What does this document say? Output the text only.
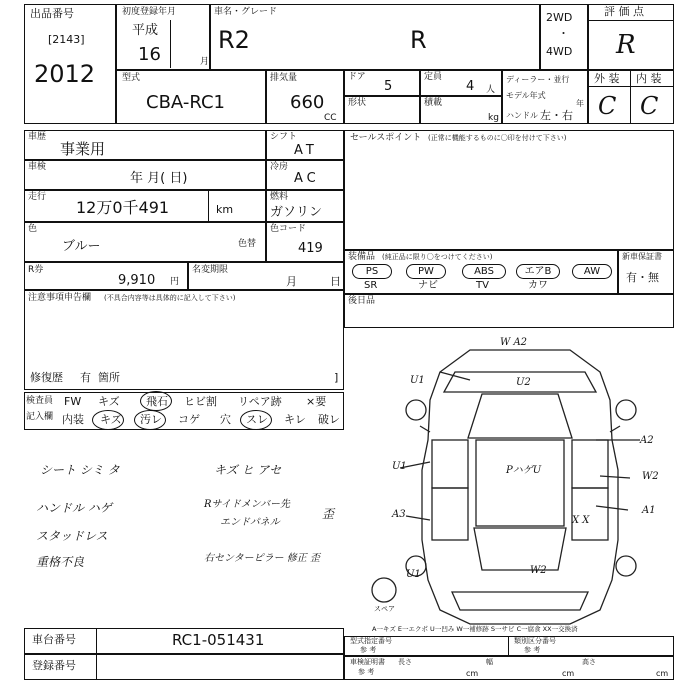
出品番号
[2143]
2012
初度登録年月
平成
16	月
車名・グレード
R2	R
2WD
・
4WD
評 価 点
R
型式
CBA-RC1
排気量
660
CC
ドア
5
形状
定員
4 人
積載
kg
ディーラー・並行
モデル年式
年
ハンドル 左・右
外 装 内 装
C C
車歴
事業用
車検
年 月( 日)
走行
12万0千491	km
色
ブルー	色替
シフト
AT
冷房
AC
燃料
ガソリン
色コード
419
R券
9,910 円
名変期限
月	日
注意事項申告欄 (不具合内容等は具体的に記入して下さい)
修復歴 有 箇所	]
セールスポイント (正常に機能するものに〇印を付けて下さい)
装備品 (純正品に限り〇をつけてください)
PS	PW	ABS	エアB	AW
SR	ナビ	TV	カワ
新車保証書
有・無
後日品
検査員
記入欄
FW キズ 飛石 ヒビ割 リペア跡 ×要
内装 キズ 汚レ コゲ 穴 スレ キレ 破レ
シート シミ タ
ハンドル ハゲ
スタッドレス
重格不良
キズ ヒ アセ
Rサイドメンバー先
エンドパネル
歪
右センターピラー 修正 歪
W A2
U1	U2
A2
U1	PハゲU
W2
A3	A1
U1	W2
X X
スペア
A一キズ E一エクボ U一凹み W一補修跡 S一サビ C一腐食 XX一交換済
車台番号	RC1-051431
登録番号
型式指定番号
参 考
類別区分番号
参 考
車検証明書
参 考
長さ
cm
幅
cm
高さ
cm
